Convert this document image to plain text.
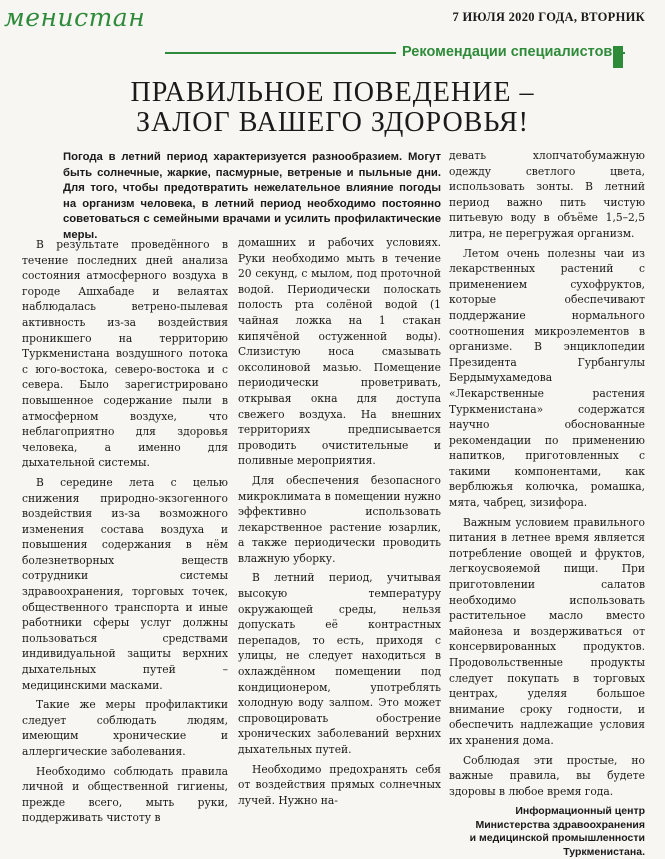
менистан	7 ИЮЛЯ 2020 ГОДА, ВТОРНИК
Рекомендации специалистов
ПРАВИЛЬНОЕ ПОВЕДЕНИЕ –
ЗАЛОГ ВАШЕГО ЗДОРОВЬЯ!
Погода в летний период характеризуется разнообразием. Могут быть солнечные, жаркие, пасмурные, ветреные и пыльные дни. Для того, чтобы предотвратить нежелательное влияние погоды на организм человека, в летний период необходимо постоянно советоваться с семейными врачами и усилить профилактические меры.

В результате проведённого в течение последних дней анализа состояния атмосферного воздуха в городе Ашхабаде и велаятах наблюдалась ветрено-пылевая активность из-за воздействия проникшего на территорию Туркменистана воздушного потока с юго-востока, северо-востока и с севера. Было зарегистрировано повышенное содержание пыли в атмосферном воздухе, что неблагоприятно для здоровья человека, а именно для дыхательной системы.

В середине лета с целью снижения природно-экзогенного воздействия из-за возможного изменения состава воздуха и повышения содержания в нём болезнетворных веществ сотрудники системы здравоохранения, торговых точек, общественного транспорта и иные работники сферы услуг должны пользоваться средствами индивидуальной защиты верхних дыхательных путей – медицинскими масками.

Такие же меры профилактики следует соблюдать людям, имеющим хронические и аллергические заболевания.

Необходимо соблюдать правила личной и общественной гигиены, прежде всего, мыть руки, поддерживать чистоту в

домашних и рабочих условиях. Руки необходимо мыть в течение 20 секунд, с мылом, под проточной водой. Периодически полоскать полость рта солёной водой (1 чайная ложка на 1 стакан кипячёной остуженной воды). Слизистую носа смазывать оксолиновой мазью. Помещение периодически проветривать, открывая окна для доступа свежего воздуха. На внешних территориях предписывается проводить очистительные и поливные мероприятия.

Для обеспечения безопасного микроклимата в помещении нужно эффективно использовать лекарственное растение юзарлик, а также периодически проводить влажную уборку.

В летний период, учитывая высокую температуру окружающей среды, нельзя допускать её контрастных перепадов, то есть, приходя с улицы, не следует находиться в охлаждённом помещении под кондиционером, употреблять холодную воду залпом. Это может спровоцировать обострение хронических заболеваний верхних дыхательных путей.

Необходимо предохранять себя от воздействия прямых солнечных лучей. Нужно на-

девать хлопчатобумажную одежду светлого цвета, использовать зонты. В летний период важно пить чистую питьевую воду в объёме 1,5–2,5 литра, не перегружая организм.

Летом очень полезны чаи из лекарственных растений с применением сухофруктов, которые обеспечивают поддержание нормального соотношения микроэлементов в организме. В энциклопедии Президента Гурбангулы Бердымухамедова «Лекарственные растения Туркменистана» содержатся научно обоснованные рекомендации по применению напитков, приготовленных с такими компонентами, как верблюжья колючка, ромашка, мята, чабрец, зизифора.

Важным условием правильного питания в летнее время является потребление овощей и фруктов, легкоусвояемой пищи. При приготовлении салатов необходимо использовать растительное масло вместо майонеза и воздерживаться от консервированных продуктов. Продовольственные продукты следует покупать в торговых центрах, уделяя большое внимание сроку годности, и обеспечить надлежащие условия их хранения дома.

Соблюдая эти простые, но важные правила, вы будете здоровы в любое время года.

Информационный центр
Министерства здравоохранения
и медицинской промышленности
Туркменистана.
